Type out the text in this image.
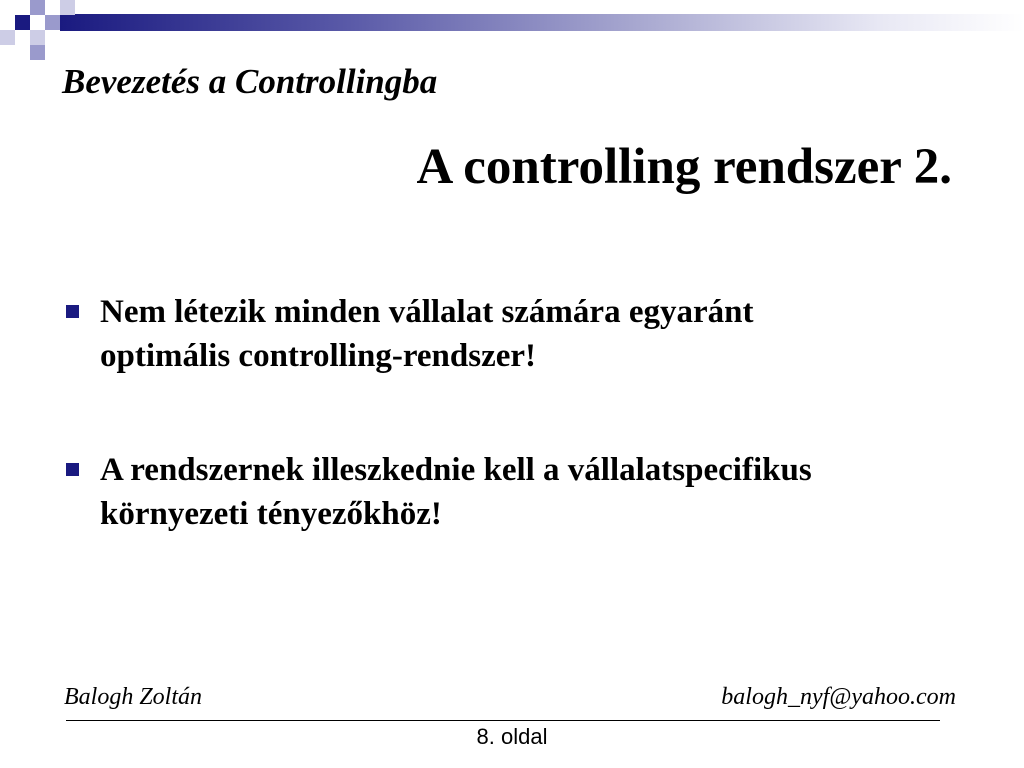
Bevezetés a Controllingba
A controlling rendszer 2.
Nem létezik minden vállalat számára egyaránt
optimális controlling-rendszer!
A rendszernek illeszkednie kell a vállalatspecifikus
környezeti tényezőkhöz!
Balogh Zoltán	balogh_nyf@yahoo.com
8. oldal
